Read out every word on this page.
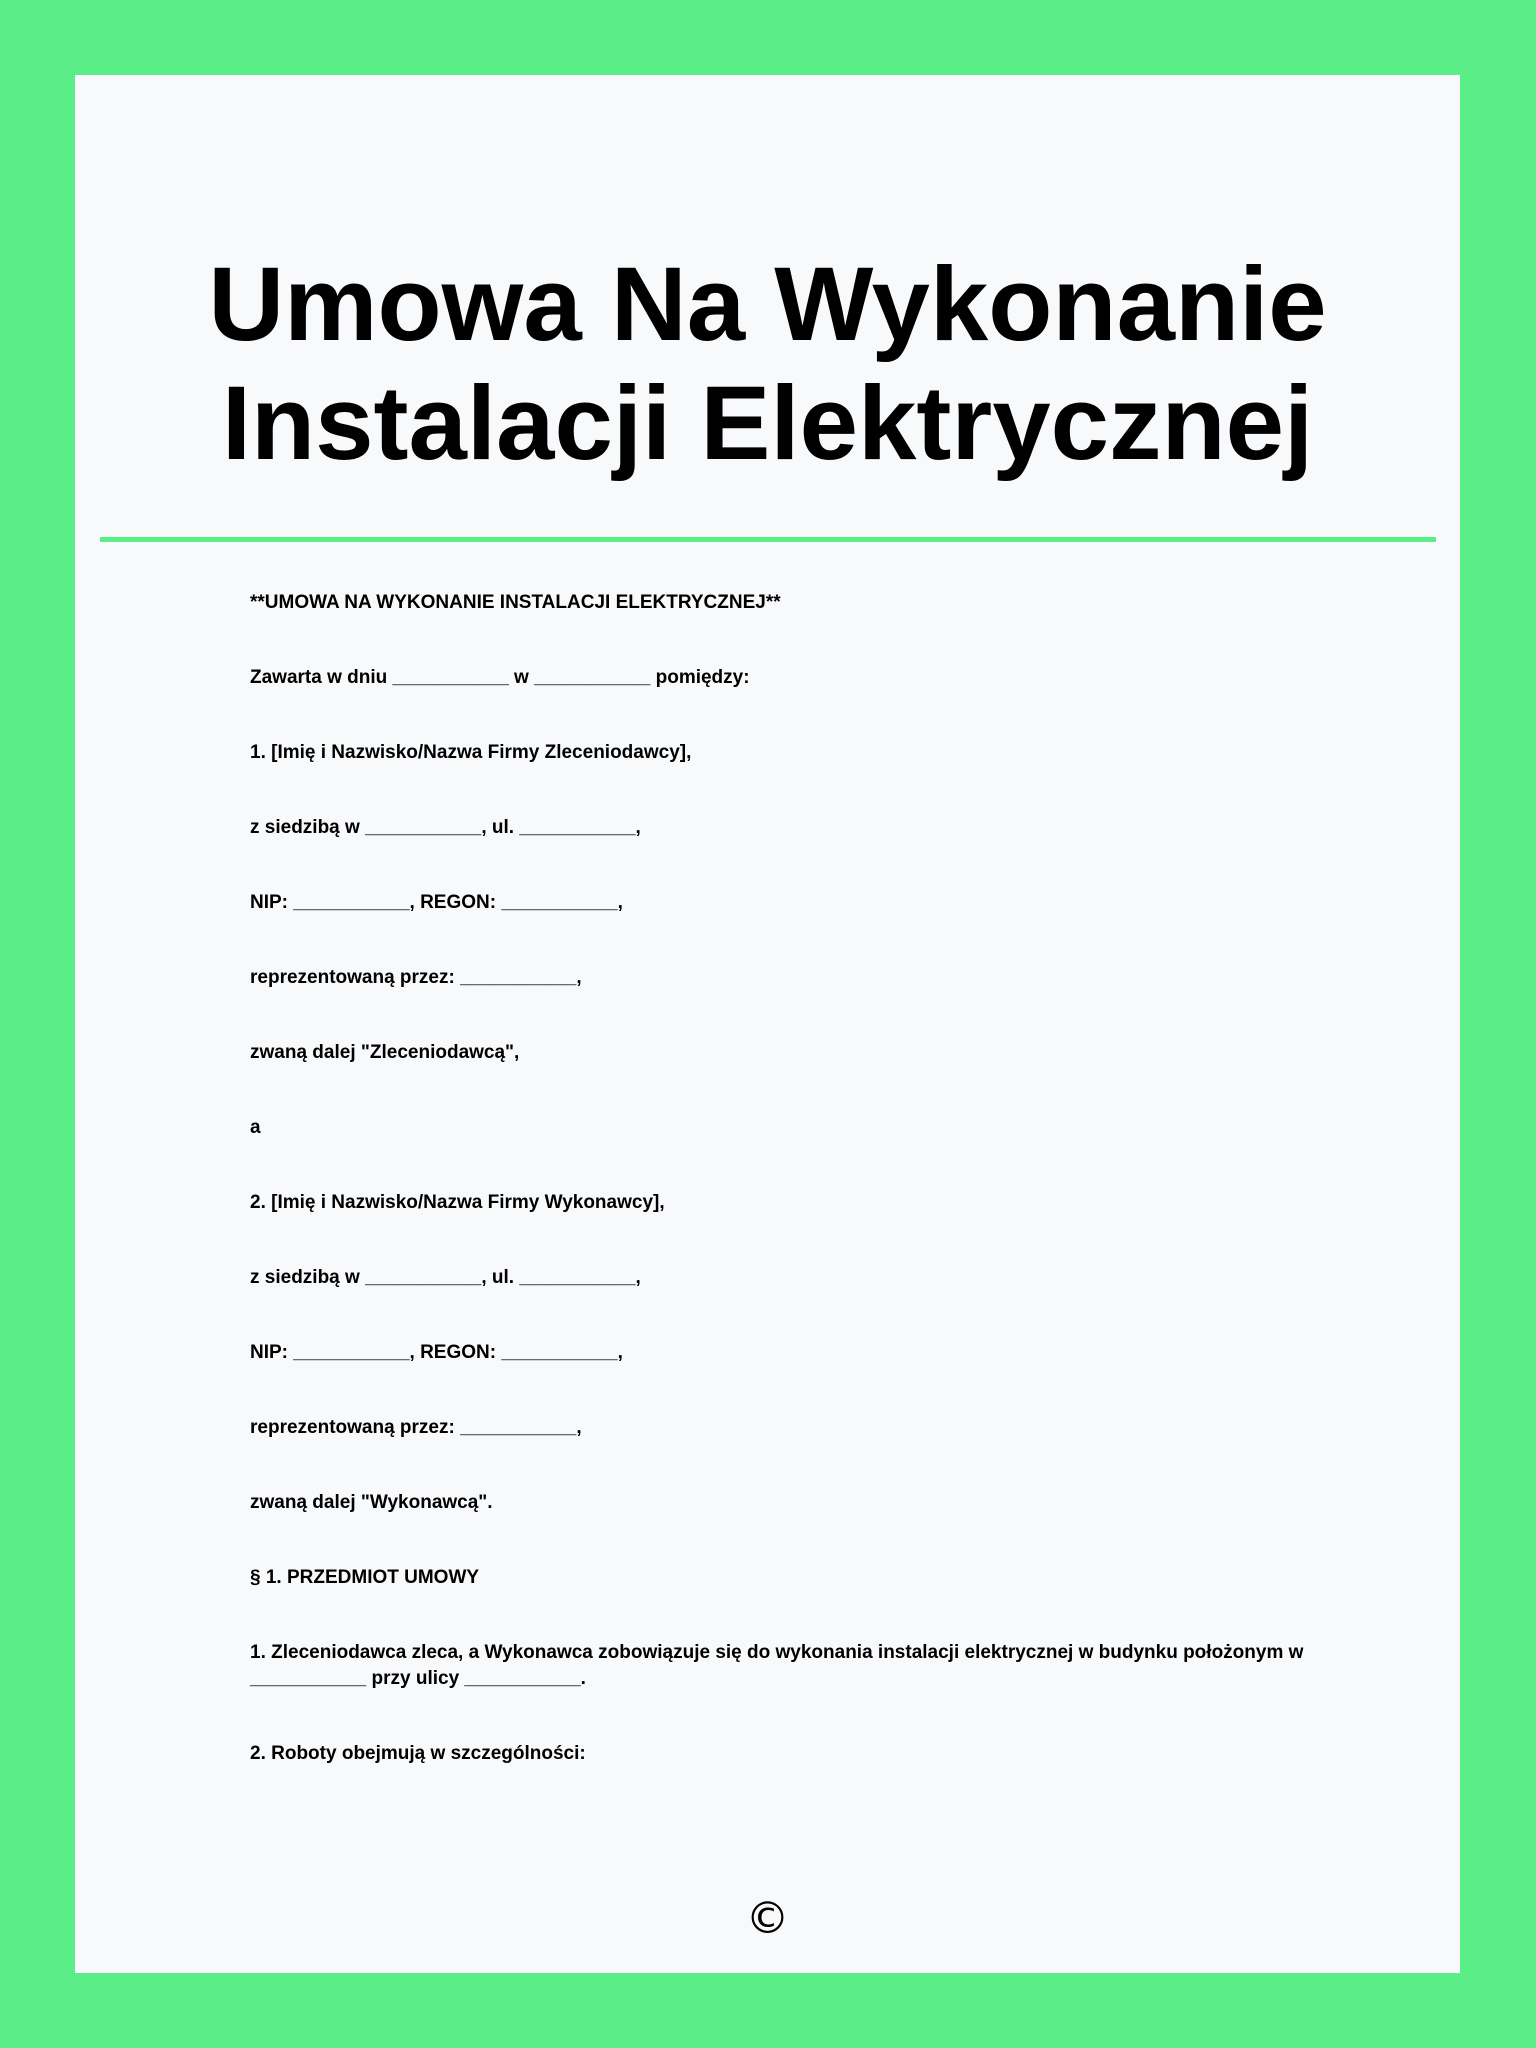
Umowa Na Wykonanie
Instalacji Elektrycznej

**UMOWA NA WYKONANIE INSTALACJI ELEKTRYCZNEJ**

Zawarta w dniu ___________ w ___________ pomiędzy:

1. [Imię i Nazwisko/Nazwa Firmy Zleceniodawcy],

z siedzibą w ___________, ul. ___________,

NIP: ___________, REGON: ___________,

reprezentowaną przez: ___________,

zwaną dalej "Zleceniodawcą",

a

2. [Imię i Nazwisko/Nazwa Firmy Wykonawcy],

z siedzibą w ___________, ul. ___________,

NIP: ___________, REGON: ___________,

reprezentowaną przez: ___________,

zwaną dalej "Wykonawcą".

§ 1. PRZEDMIOT UMOWY

1. Zleceniodawca zleca, a Wykonawca zobowiązuje się do wykonania instalacji elektrycznej w budynku położonym w ___________ przy ulicy ___________.

2. Roboty obejmują w szczególności:

©
